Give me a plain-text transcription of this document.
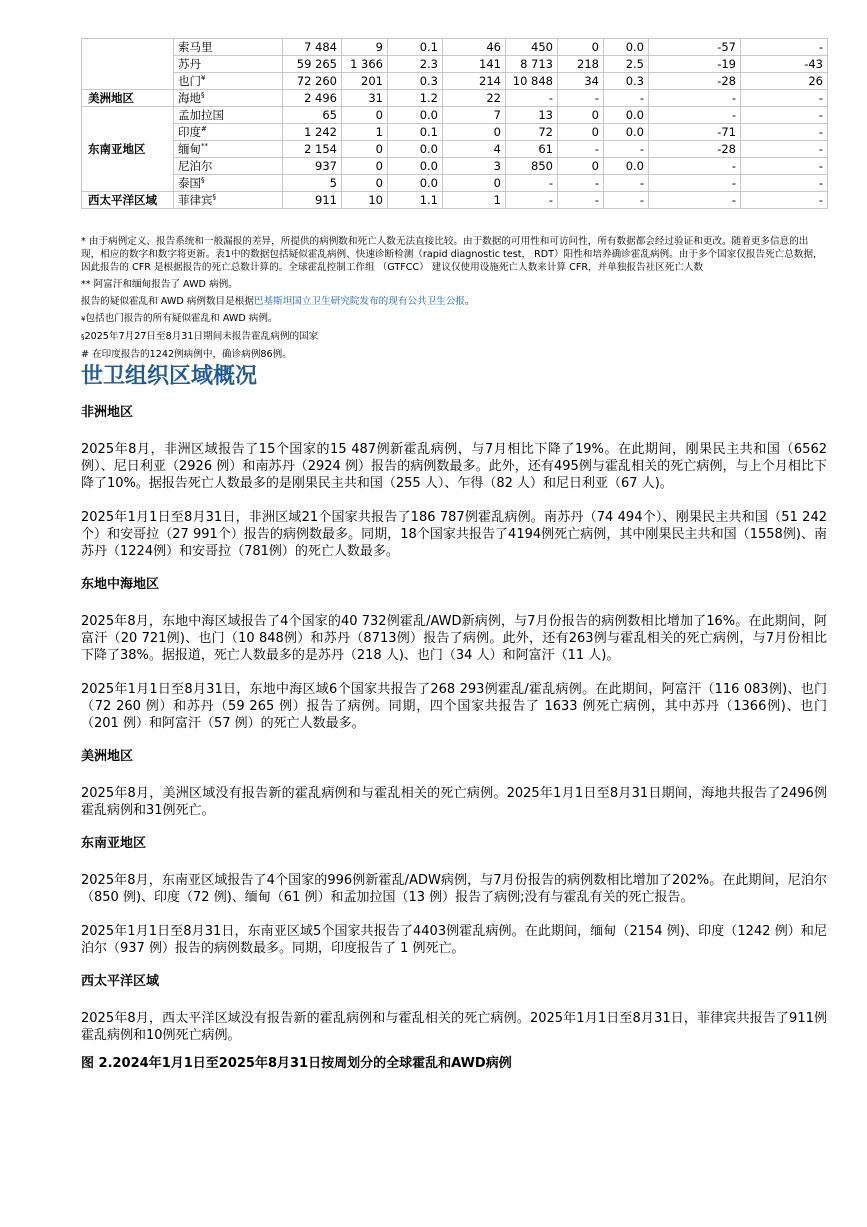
	索马里	7 484	9	0.1	46	450	0	0.0	-57	-
	苏丹	59 265	1 366	2.3	141	8 713	218	2.5	-19	-43
	也门¥	72 260	201	0.3	214	10 848	34	0.3	-28	26
美洲地区	海地§	2 496	31	1.2	22	-	-	-	-	-
东南亚地区	孟加拉国	65	0	0.0	7	13	0	0.0	-	-
	印度#	1 242	1	0.1	0	72	0	0.0	-71	-
	缅甸**	2 154	0	0.0	4	61	-	-	-28	-
	尼泊尔	937	0	0.0	3	850	0	0.0	-	-
	泰国§	5	0	0.0	0	-	-	-	-	-
西太平洋区域	菲律宾§	911	10	1.1	1	-	-	-	-	-

* 由于病例定义、报告系统和一般漏报的差异，所提供的病例数和死亡人数无法直接比较。由于数据的可用性和可访问性，所有数据都会经过验证和更改。随着更多信息的出现，相应的数字和数字将更新。表1中的数据包括疑似霍乱病例、快速诊断检测（rapid diagnostic test， RDT）阳性和培养确诊霍乱病例。由于多个国家仅报告死亡总数据，因此报告的 CFR 是根据报告的死亡总数计算的。全球霍乱控制工作组 （GTFCC） 建议仅使用设施死亡人数来计算 CFR，并单独报告社区死亡人数

** 阿富汗和缅甸报告了 AWD 病例。

报告的疑似霍乱和 AWD 病例数目是根据巴基斯坦国立卫生研究院发布的现有公共卫生公报。

¥包括也门报告的所有疑似霍乱和 AWD 病例。

§2025年7月27日至8月31日期间未报告霍乱病例的国家

# 在印度报告的1242例病例中，确诊病例86例。

世卫组织区域概况
非洲地区

2025年8月，非洲区域报告了15个国家的15 487例新霍乱病例，与7月相比下降了19%。在此期间，刚果民主共和国（6562 例）、尼日利亚（2926 例）和南苏丹（2924 例）报告的病例数最多。此外，还有495例与霍乱相关的死亡病例，与上个月相比下降了10%。据报告死亡人数最多的是刚果民主共和国（255 人）、乍得（82 人）和尼日利亚（67 人)。

2025年1月1日至8月31日，非洲区域21个国家共报告了186 787例霍乱病例。南苏丹（74 494个）、刚果民主共和国（51 242个）和安哥拉（27 991个）报告的病例数最多。同期，18个国家共报告了4194例死亡病例，其中刚果民主共和国（1558例)、南苏丹（1224例）和安哥拉（781例）的死亡人数最多。

东地中海地区

2025年8月，东地中海区域报告了4个国家的40 732例霍乱/AWD新病例，与7月份报告的病例数相比增加了16%。在此期间，阿富汗（20 721例)、也门（10 848例）和苏丹（8713例）报告了病例。此外，还有263例与霍乱相关的死亡病例，与7月份相比下降了38%。据报道，死亡人数最多的是苏丹（218 人)、也门（34 人）和阿富汗（11 人)。

2025年1月1日至8月31日，东地中海区域6个国家共报告了268 293例霍乱/霍乱病例。在此期间，阿富汗（116 083例)、也门（72 260 例）和苏丹（59 265 例）报告了病例。同期，四个国家共报告了 1633 例死亡病例，其中苏丹（1366例)、也门（201 例）和阿富汗（57 例）的死亡人数最多。

美洲地区

2025年8月，美洲区域没有报告新的霍乱病例和与霍乱相关的死亡病例。2025年1月1日至8月31日期间，海地共报告了2496例霍乱病例和31例死亡。

东南亚地区

2025年8月，东南亚区域报告了4个国家的996例新霍乱/ADW病例，与7月份报告的病例数相比增加了202%。在此期间，尼泊尔（850 例)、印度（72 例)、缅甸（61 例）和孟加拉国（13 例）报告了病例;没有与霍乱有关的死亡报告。

2025年1月1日至8月31日，东南亚区域5个国家共报告了4403例霍乱病例。在此期间，缅甸（2154 例)、印度（1242 例）和尼泊尔（937 例）报告的病例数最多。同期，印度报告了 1 例死亡。

西太平洋区域

2025年8月，西太平洋区域没有报告新的霍乱病例和与霍乱相关的死亡病例。2025年1月1日至8月31日，菲律宾共报告了911例霍乱病例和10例死亡病例。

图 2.2024年1月1日至2025年8月31日按周划分的全球霍乱和AWD病例
